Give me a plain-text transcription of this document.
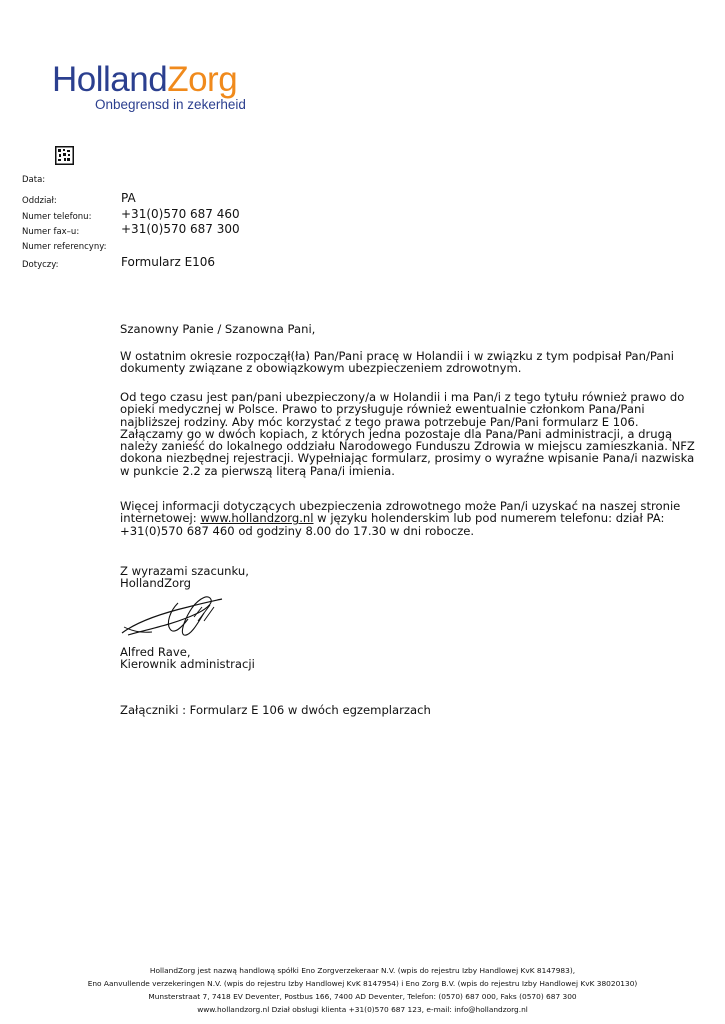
HollandZorg
Onbegrensd in zekerheid
Data:
Oddział:	PA
Numer telefonu: +31(0)570 687 460
Numer fax–u:	+31(0)570 687 300
Numer referencyny:
Dotyczy:	Formularz E106

Szanowny Panie / Szanowna Pani,

W ostatnim okresie rozpoczął(ła) Pan/Pani pracę w Holandii i w związku z tym podpisał Pan/Pani dokumenty związane z obowiązkowym ubezpieczeniem zdrowotnym.

Od tego czasu jest pan/pani ubezpieczony/a w Holandii i ma Pan/i z tego tytułu również prawo do opieki medycznej w Polsce. Prawo to przysługuje również ewentualnie członkom Pana/Pani najbliższej rodziny. Aby móc korzystać z tego prawa potrzebuje Pan/Pani formularz E 106. Załączamy go w dwóch kopiach, z których jedna pozostaje dla Pana/Pani administracji, a drugą należy zanieść do lokalnego oddziału Narodowego Funduszu Zdrowia w miejscu zamieszkania. NFZ dokona niezbędnej rejestracji. Wypełniając formularz, prosimy o wyraźne wpisanie Pana/i nazwiska w punkcie 2.2 za pierwszą literą Pana/i imienia.

Więcej informacji dotyczących ubezpieczenia zdrowotnego może Pan/i uzyskać na naszej stronie internetowej: www.hollandzorg.nl w języku holenderskim lub pod numerem telefonu: dział PA: +31(0)570 687 460 od godziny 8.00 do 17.30 w dni robocze.

Z wyrazami szacunku,

HollandZorg

Alfred Rave,

Kierownik administracji

Załączniki : Formularz E 106 w dwóch egzemplarzach

HollandZorg jest nazwą handlową spółki Eno Zorgverzekeraar N.V. (wpis do rejestru Izby Handlowej KvK 8147983),
Eno Aanvullende verzekeringen N.V. (wpis do rejestru Izby Handlowej KvK 8147954) i Eno Zorg B.V. (wpis do rejestru Izby Handlowej KvK 38020130)
Munsterstraat 7, 7418 EV Deventer, Postbus 166, 7400 AD Deventer, Telefon: (0570) 687 000, Faks (0570) 687 300
www.hollandzorg.nl Dział obsługi klienta +31(0)570 687 123, e-mail: info@hollandzorg.nl
